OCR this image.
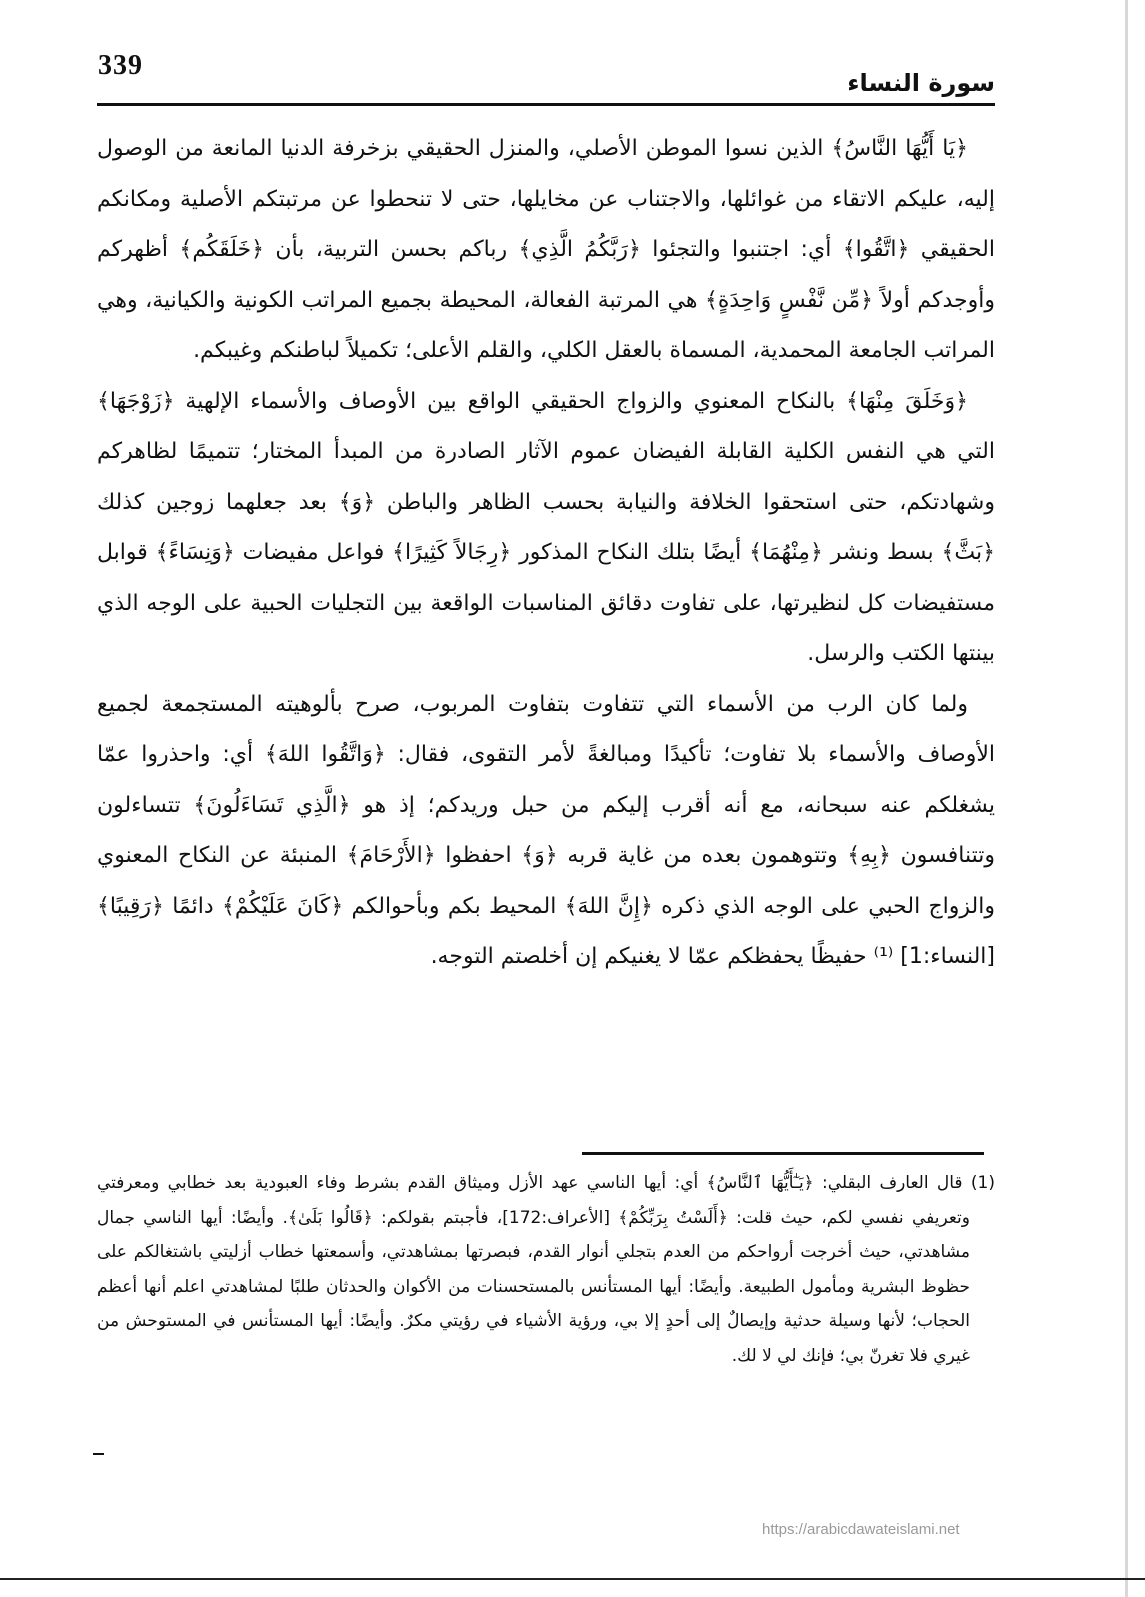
339
سورة النساء

﴿يَا أَيُّهَا النَّاسُ﴾ الذين نسوا الموطن الأصلي، والمنزل الحقيقي بزخرفة الدنيا المانعة من الوصول إليه، عليكم الاتقاء من غوائلها، والاجتناب عن مخايلها، حتى لا تنحطوا عن مرتبتكم الأصلية ومكانكم الحقيقي ﴿اتَّقُوا﴾ أي: اجتنبوا والتجئوا ﴿رَبَّكُمُ الَّذِي﴾ رباكم بحسن التربية، بأن ﴿خَلَقَكُم﴾ أظهركم وأوجدكم أولاً ﴿مِّن نَّفْسٍ وَاحِدَةٍ﴾ هي المرتبة الفعالة، المحيطة بجميع المراتب الكونية والكيانية، وهي المراتب الجامعة المحمدية، المسماة بالعقل الكلي، والقلم الأعلى؛ تكميلاً لباطنكم وغيبكم.

﴿وَخَلَقَ مِنْهَا﴾ بالنكاح المعنوي والزواج الحقيقي الواقع بين الأوصاف والأسماء الإلهية ﴿زَوْجَهَا﴾ التي هي النفس الكلية القابلة الفيضان عموم الآثار الصادرة من المبدأ المختار؛ تتميمًا لظاهركم وشهادتكم، حتى استحقوا الخلافة والنيابة بحسب الظاهر والباطن ﴿وَ﴾ بعد جعلهما زوجين كذلك ﴿بَثَّ﴾ بسط ونشر ﴿مِنْهُمَا﴾ أيضًا بتلك النكاح المذكور ﴿رِجَالاً كَثِيرًا﴾ فواعل مفيضات ﴿وَنِسَاءً﴾ قوابل مستفيضات كل لنظيرتها، على تفاوت دقائق المناسبات الواقعة بين التجليات الحبية على الوجه الذي بينتها الكتب والرسل.

ولما كان الرب من الأسماء التي تتفاوت بتفاوت المربوب، صرح بألوهيته المستجمعة لجميع الأوصاف والأسماء بلا تفاوت؛ تأكيدًا ومبالغةً لأمر التقوى، فقال: ﴿وَاتَّقُوا اللهَ﴾ أي: واحذروا عمّا يشغلكم عنه سبحانه، مع أنه أقرب إليكم من حبل وريدكم؛ إذ هو ﴿الَّذِي تَسَاءَلُونَ﴾ تتساءلون وتتنافسون ﴿بِهِ﴾ وتتوهمون بعده من غاية قربه ﴿وَ﴾ احفظوا ﴿الأَرْحَامَ﴾ المنبئة عن النكاح المعنوي والزواج الحبي على الوجه الذي ذكره ﴿إِنَّ اللهَ﴾ المحيط بكم وبأحوالكم ﴿كَانَ عَلَيْكُمْ﴾ دائمًا ﴿رَقِيبًا﴾ [النساء:1] ⁽¹⁾ حفيظًا يحفظكم عمّا لا يغنيكم إن أخلصتم التوجه.

(1) قال العارف البقلي: ﴿يَـٰٓأَيُّهَا ٱلنَّاسُ﴾ أي: أيها الناسي عهد الأزل وميثاق القدم بشرط وفاء العبودية بعد خطابي ومعرفتي وتعريفي نفسي لكم، حيث قلت: ﴿أَلَسْتُ بِرَبِّكُمْ﴾ [الأعراف:172]، فأجبتم بقولكم: ﴿قَالُوا بَلَىٰ﴾. وأيضًا: أيها الناسي جمال مشاهدتي، حيث أخرجت أرواحكم من العدم بتجلي أنوار القدم، فبصرتها بمشاهدتي، وأسمعتها خطاب أزليتي باشتغالكم على حظوظ البشرية ومأمول الطبيعة. وأيضًا: أيها المستأنس بالمستحسنات من الأكوان والحدثان طلبًا لمشاهدتي اعلم أنها أعظم الحجاب؛ لأنها وسيلة حدثية وإيصالٌ إلى أحدٍ إلا بي، ورؤية الأشياء في رؤيتي مكرٌ. وأيضًا: أيها المستأنس في المستوحش من غيري فلا تغرنّ بي؛ فإنك لي لا لك.

https://arabicdawateislami.net
